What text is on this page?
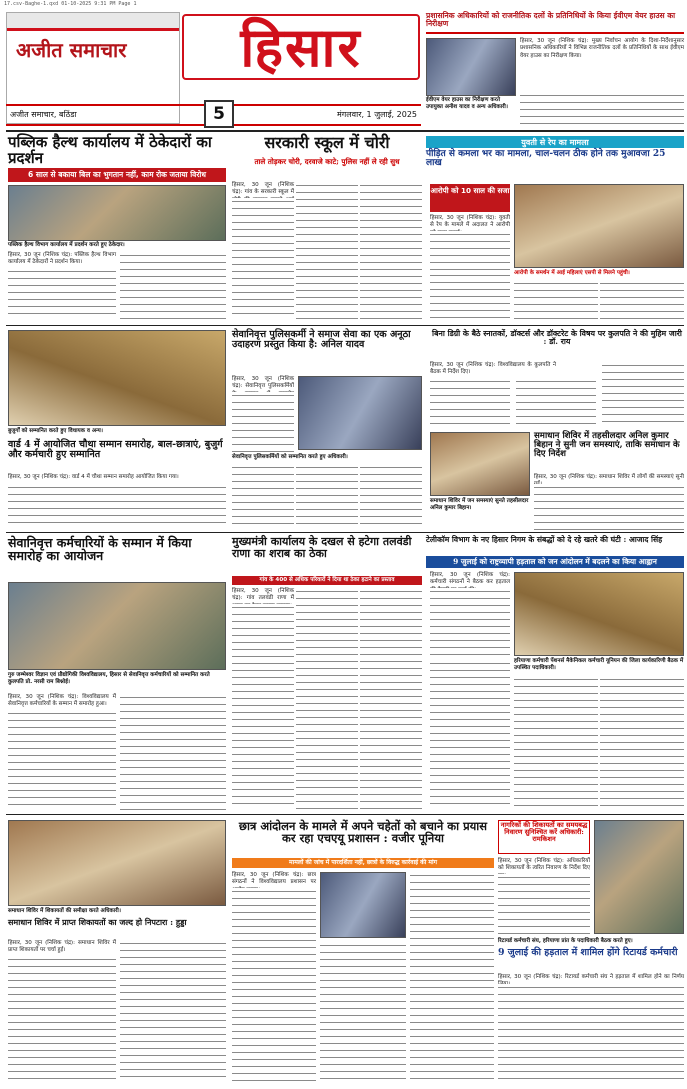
17.csv-Baghe-1.qxd 01-10-2025 9:31 PM Page 1
अजीत समाचार	हिसार
अजीत समाचार, बठिंडा	मंगलवार, 1 जुलाई, 2025
5
प्रशासनिक अधिकारियों को राजनीतिक दलों के प्रतिनिधियों के किया ईवीएम वेयर हाउस का निरीक्षण
ईवीएम वेयर हाउस का निरीक्षण करते उपायुक्त अनीश यादव व अन्य अधिकारी।
हिसार, 30 जून (निशिक चंद्र): मुख्य निर्वाचन आयोग के दिशा-निर्देशानुसार प्रशासनिक अधिकारियों ने विभिन्न राजनीतिक दलों के प्रतिनिधियों के साथ ईवीएम वेयर हाउस का निरीक्षण किया।
पब्लिक हैल्थ कार्यालय में ठेकेदारों का प्रदर्शन
6 साल से बकाया बिल का भुगतान नहीं, काम रोक जताया विरोध
पब्लिक हैल्थ विभाग कार्यालय में प्रदर्शन करते हुए ठेकेदार।
हिसार, 30 जून (निशिक चंद्र): पब्लिक हैल्थ विभाग कार्यालय में ठेकेदारों ने प्रदर्शन किया।
सरकारी स्कूल में चोरी
ताले तोड़कर चोरी, दरवाजे काटे; पुलिस नहीं ले रही सुध
हिसार, 30 जून (निशिक चंद्र): गांव के सरकारी स्कूल में
युवती से रेप का मामला
पीड़ित से कमला भर का मामला, चाल-चलन ठीक होने तक मुआवजा 25 लाख
आरोपी को 10 साल की सजा
हिसार, 30 जून (निशिक चंद्र): युवती से रेप के मामले में अदालत ने आरोपी
आरोपी के समर्थन में आई महिलाएं एसपी से मिलने पहुंची।
बुजुर्गों को सम्मानित करते हुए विधायक व अन्य।
वार्ड 4 में आयोजित चौथा सम्मान समारोह, बाल-छात्राएं, बुजुर्ग और कर्मचारी हुए सम्मानित
हिसार, 30 जून (निशिक चंद्र): वार्ड 4 में चौथा सम्मान समारोह आयोजित किया गया।
सेवानिवृत्त पुलिसकर्मी ने समाज सेवा का एक अनूठा उदाहरण प्रस्तुत किया है: अनिल यादव
हिसार, 30 जून (निशिक चंद्र): सेवानिवृत्त पुलिसकर्मियों
सेवानिवृत्त पुलिसकर्मियों को सम्मानित करते हुए अधिकारी।
बिना डिग्री के बैठे स्नातकों, डॉक्टर्स और डॉक्टरेट के विषय पर कुलपति ने की मुहिम जारी : डॉ. राय
हिसार, 30 जून (निशिक चंद्र): विश्वविद्यालय के कुलपति ने बैठक में निर्देश दिए।
समाधान शिविर में जन समस्याएं सुनते तहसीलदार अनिल कुमार बिहान।
समाधान शिविर में तहसीलदार अनिल कुमार बिहान ने सुनी जन समस्याएं, ताकि समाधान के दिए निर्देश
हिसार, 30 जून (निशिक चंद्र): समाधान शिविर में लोगों की समस्याएं सुनी
सेवानिवृत्त कर्मचारियों के सम्मान में किया समारोह का आयोजन
गुरु जम्भेश्वर विज्ञान एवं प्रौद्योगिकी विश्वविद्यालय, हिसार से सेवानिवृत्त कर्मचारियों को सम्मानित करते कुलपति प्रो. नरसी राम बिश्नोई।
हिसार, 30 जून (निशिक चंद्र): विश्वविद्यालय में सेवानिवृत्त कर्मचारियों के सम्मान में समारोह हुआ।
मुख्यमंत्री कार्यालय के दखल से हटेगा तलवंडी राणा का शराब का ठेका
गांव के 400 से अधिक परिवारों ने दिया था ठेका हटाने का प्रस्ताव
हिसार, 30 जून (निशिक चंद्र): गांव तलवंडी राणा में
टेलीकॉम विभाग के नए हिसार निगम के संबद्धों को दे रहे खतरे की घंटी : आजाद सिंह
9 जुलाई को राष्ट्रव्यापी हड़ताल को जन आंदोलन में बदलने का किया आह्वान
हिसार, 30 जून (निशिक चंद्र): कर्मचारी संगठनों ने बैठक कर हड़ताल
हरियाणा कर्मचारी पेंशनर्स मैकेनिकल कर्मचारी यूनियन की जिला कार्यकारिणी बैठक में उपस्थित पदाधिकारी।
समाधान शिविर में शिकायतों की समीक्षा करते अधिकारी।
समाधान शिविर में प्राप्त शिकायतों का जल्द हो निपटारा : हुड्डा
हिसार, 30 जून (निशिक चंद्र): समाधान शिविर में प्राप्त शिकायतों पर चर्चा हुई।
छात्र आंदोलन के मामले में अपने चहेतों को बचाने का प्रयास कर रहा एचएयू प्रशासन : वजीर पूनिया
मामलों की जांच में पारदर्शिता नहीं, छात्रों के विरुद्ध कार्रवाई की मांग
हिसार, 30 जून (निशिक चंद्र): छात्र संगठनों ने विश्वविद्यालय प्रशासन पर
नागरिकों की शिकायतों का समयबद्ध निवारण सुनिश्चित करें अधिकारी: रामकिशन
हिसार, 30 जून (निशिक चंद्र): अधिकारियों को शिकायतों के त्वरित निवारण के निर्देश दिए
रिटायर्ड कर्मचारी संघ, हरियाणा प्रांत के पदाधिकारी बैठक करते हुए।
9 जुलाई की हड़ताल में शामिल होंगे रिटायर्ड कर्मचारी
हिसार, 30 जून (निशिक चंद्र): रिटायर्ड कर्मचारी संघ ने हड़ताल में शामिल होने का निर्णय
